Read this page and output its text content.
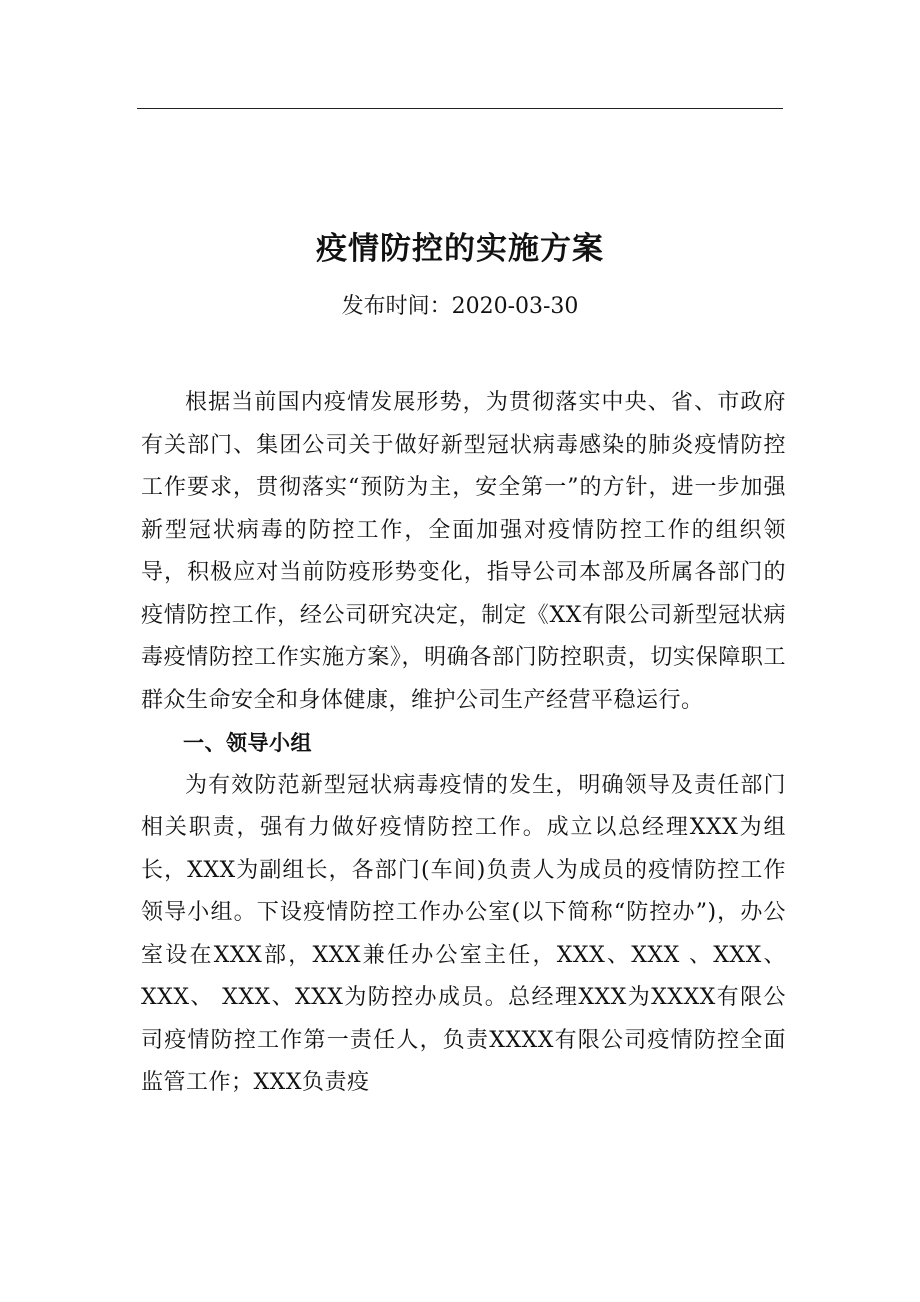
疫情防控的实施方案
发布时间：2020-03-30

根据当前国内疫情发展形势，为贯彻落实中央、省、市政府有关部门、集团公司关于做好新型冠状病毒感染的肺炎疫情防控工作要求，贯彻落实“预防为主，安全第一”的方针，进一步加强新型冠状病毒的防控工作，全面加强对疫情防控工作的组织领导，积极应对当前防疫形势变化，指导公司本部及所属各部门的疫情防控工作，经公司研究决定，制定《XX有限公司新型冠状病毒疫情防控工作实施方案》，明确各部门防控职责，切实保障职工群众生命安全和身体健康，维护公司生产经营平稳运行。

一、领导小组

为有效防范新型冠状病毒疫情的发生，明确领导及责任部门相关职责，强有力做好疫情防控工作。成立以总经理XXX为组长，XXX为副组长，各部门(车间)负责人为成员的疫情防控工作领导小组。下设疫情防控工作办公室(以下简称“防控办”)，办公室设在XXX部，XXX兼任办公室主任，XXX、XXX 、XXX、 XXX、 XXX、XXX为防控办成员。总经理XXX为XXXX有限公司疫情防控工作第一责任人，负责XXXX有限公司疫情防控全面监管工作；XXX负责疫
